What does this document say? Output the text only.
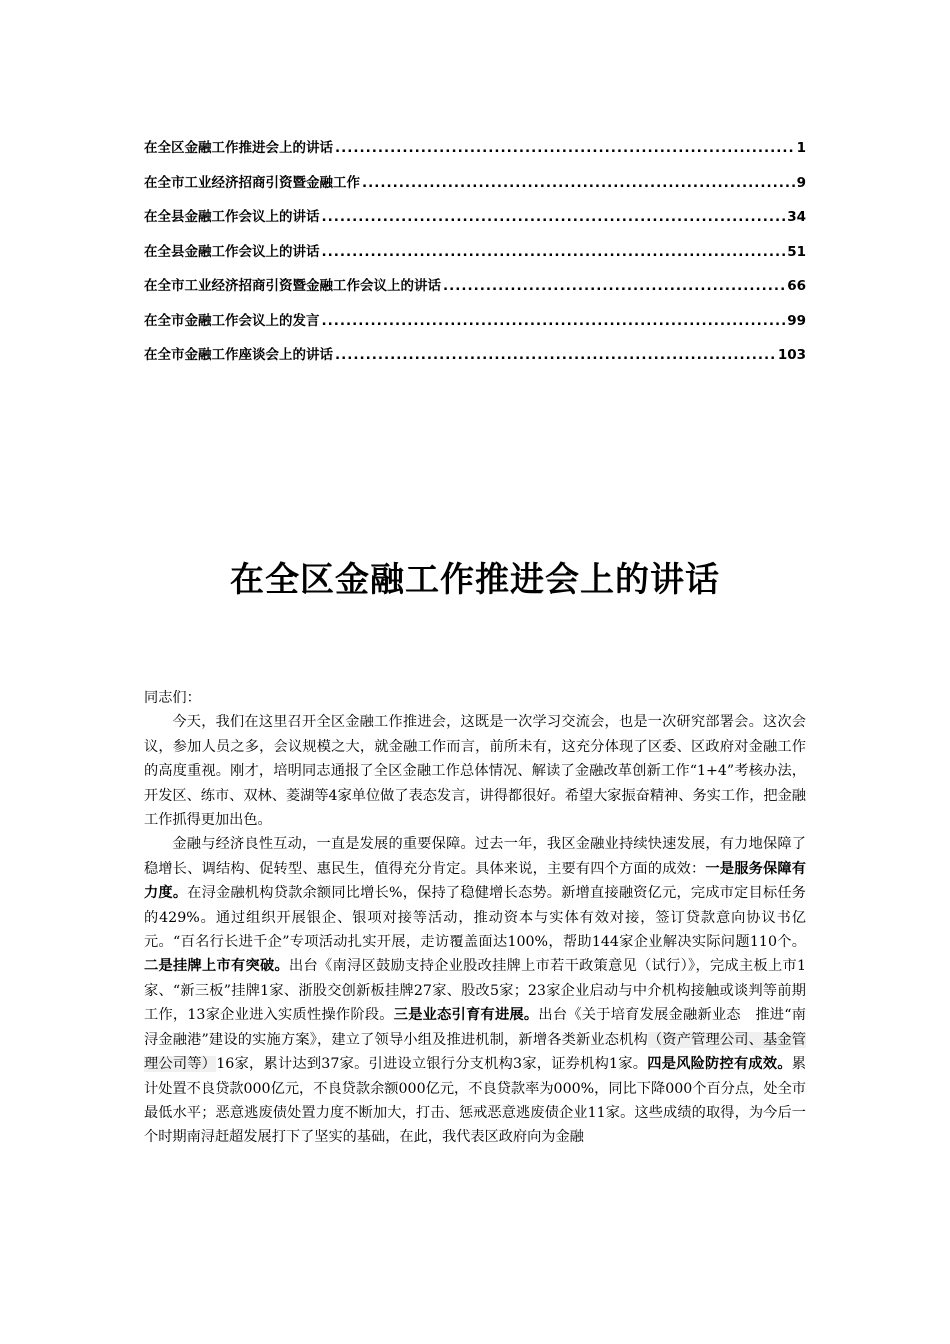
在全区金融工作推进会上的讲话 .....	1
在全市工业经济招商引资暨金融工作 .....	9
在全县金融工作会议上的讲话 .....	34
在全县金融工作会议上的讲话 .....	51
在全市工业经济招商引资暨金融工作会议上的讲话 .....	66
在全市金融工作会议上的发言 .....	99
在全市金融工作座谈会上的讲话 .....	103
在全区金融工作推进会上的讲话

同志们：

今天，我们在这里召开全区金融工作推进会，这既是一次学习交流会，也是一次研究部署会。这次会议，参加人员之多，会议规模之大，就金融工作而言，前所未有，这充分体现了区委、区政府对金融工作的高度重视。刚才，培明同志通报了全区金融工作总体情况、解读了金融改革创新工作“1+4”考核办法，开发区、练市、双林、菱湖等4家单位做了表态发言，讲得都很好。希望大家振奋精神、务实工作，把金融工作抓得更加出色。

金融与经济良性互动，一直是发展的重要保障。过去一年，我区金融业持续快速发展，有力地保障了稳增长、调结构、促转型、惠民生，值得充分肯定。具体来说，主要有四个方面的成效：一是服务保障有力度。在浔金融机构贷款余额同比增长%，保持了稳健增长态势。新增直接融资亿元，完成市定目标任务的429%。通过组织开展银企、银项对接等活动，推动资本与实体有效对接，签订贷款意向协议书亿元。“百名行长进千企”专项活动扎实开展，走访覆盖面达100%，帮助144家企业解决实际问题110个。二是挂牌上市有突破。出台《南浔区鼓励支持企业股改挂牌上市若干政策意见（试行）》，完成主板上市1家、“新三板”挂牌1家、浙股交创新板挂牌27家、股改5家；23家企业启动与中介机构接触或谈判等前期工作，13家企业进入实质性操作阶段。三是业态引育有进展。出台《关于培育发展金融新业态　推进“南浔金融港”建设的实施方案》，建立了领导小组及推进机制，新增各类新业态机构（资产管理公司、基金管理公司等）16家，累计达到37家。引进设立银行分支机构3家，证券机构1家。四是风险防控有成效。累计处置不良贷款000亿元，不良贷款余额000亿元，不良贷款率为000%，同比下降000个百分点，处全市最低水平；恶意逃废债处置力度不断加大，打击、惩戒恶意逃废债企业11家。这些成绩的取得，为今后一个时期南浔赶超发展打下了坚实的基础，在此，我代表区政府向为金融
